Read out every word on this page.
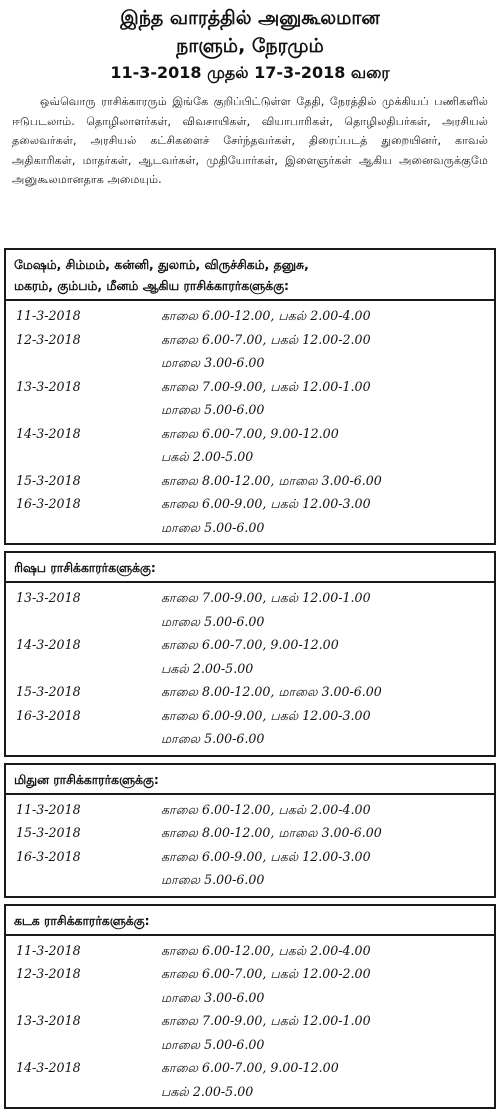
இந்த வாரத்தில் அனுகூலமான
நாளும், நேரமும்
11-3-2018 முதல் 17-3-2018 வரை

ஒவ்வொரு ராசிக்காரரும் இங்கே குறிப்பிட்டுள்ள தேதி, நேரத்தில் முக்கியப் பணிகளில் ஈடுபடலாம். தொழிலாளர்கள், விவசாயிகள், வியாபாரிகள், தொழிலதிபர்கள், அரசியல் தலைவர்கள், அரசியல் கட்சிகளைச் சேர்ந்தவர்கள், திரைப்படத் துறையினர், காவல் அதிகாரிகள், மாதர்கள், ஆடவர்கள், முதியோர்கள், இளைஞர்கள் ஆகிய அனைவருக்குமே அனுகூலமானதாக அமையும்.

மேஷம், சிம்மம், கன்னி, துலாம், விருச்சிகம், தனுசு,
மகரம், கும்பம், மீனம் ஆகிய ராசிக்காரர்களுக்கு:
11-3-2018	காலை 6.00-12.00, பகல் 2.00-4.00
12-3-2018	காலை 6.00-7.00, பகல் 12.00-2.00
மாலை 3.00-6.00
13-3-2018	காலை 7.00-9.00, பகல் 12.00-1.00
மாலை 5.00-6.00
14-3-2018	காலை 6.00-7.00, 9.00-12.00
பகல் 2.00-5.00
15-3-2018	காலை 8.00-12.00, மாலை 3.00-6.00
16-3-2018	காலை 6.00-9.00, பகல் 12.00-3.00
மாலை 5.00-6.00
ரிஷப ராசிக்காரர்களுக்கு:
13-3-2018	காலை 7.00-9.00, பகல் 12.00-1.00
மாலை 5.00-6.00
14-3-2018	காலை 6.00-7.00, 9.00-12.00
பகல் 2.00-5.00
15-3-2018	காலை 8.00-12.00, மாலை 3.00-6.00
16-3-2018	காலை 6.00-9.00, பகல் 12.00-3.00
மாலை 5.00-6.00
மிதுன ராசிக்காரர்களுக்கு:
11-3-2018	காலை 6.00-12.00, பகல் 2.00-4.00
15-3-2018	காலை 8.00-12.00, மாலை 3.00-6.00
16-3-2018	காலை 6.00-9.00, பகல் 12.00-3.00
மாலை 5.00-6.00
கடக ராசிக்காரர்களுக்கு:
11-3-2018	காலை 6.00-12.00, பகல் 2.00-4.00
12-3-2018	காலை 6.00-7.00, பகல் 12.00-2.00
மாலை 3.00-6.00
13-3-2018	காலை 7.00-9.00, பகல் 12.00-1.00
மாலை 5.00-6.00
14-3-2018	காலை 6.00-7.00, 9.00-12.00
பகல் 2.00-5.00
